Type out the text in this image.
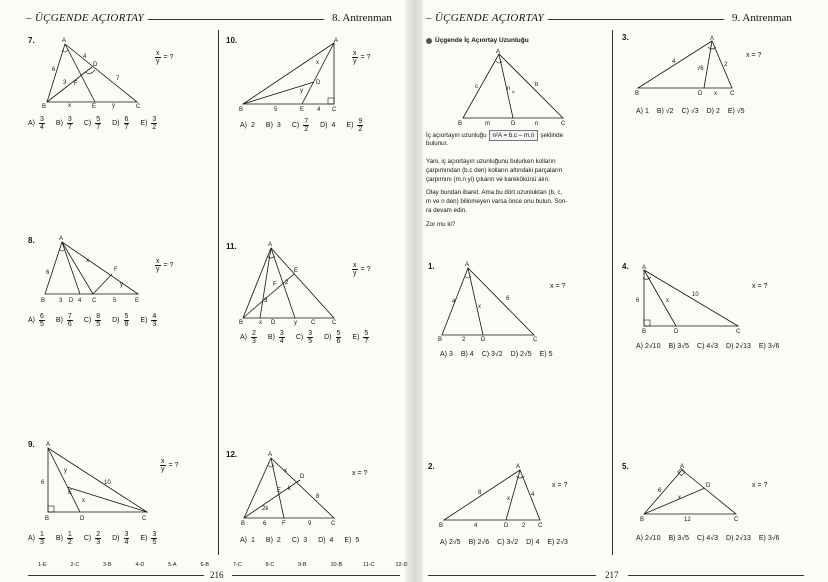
– ÜÇGENDE AÇIORTAY	8. Antrenman
7.	A
B	E	C
D
F
6
4
7
3
x	y
$\frac{x}{y}$ = ?
$A) \frac{3}{4} B) \frac{3}{7} C) \frac{5}{7} D) \frac{6}{7} E) \frac{3}{2}$
8.	A
B 3 D 4 C	5	E
6
x
F
y
$\frac{x}{y}$ = ?
$A) \frac{6}{5} B) \frac{7}{6} C) \frac{8}{5} D) \frac{5}{8} E) \frac{4}{3}$
9. A
B	D	C
E
6
y
10
x
$\frac{x}{y}$ = ?
$A) \frac{1}{3} B) \frac{1}{2} C) \frac{2}{3} D) \frac{3}{4} E) \frac{3}{5}$
10.	A
B	E	C
D
5	4
x
y
$\frac{x}{y}$ = ?
A) 2 B) 3 $C) \frac{7}{2} D$) 4 $E) \frac{9}{2}$
11.	A
B	x D	y C	C
E
F 2
3
$\frac{x}{y}$ = ?
$A) \frac{2}{3} B) \frac{3}{4} C) \frac{3}{5} D) \frac{5}{6} E) \frac{5}{7}$
12.	A
B	6	F	9	C
E k
D
x
8
2k
x = ?
A) 1 B) 2 C) 3 D) 4 E) 5
1-E	2-C	3-B	4-D	5-A	6-B	7-C	8-C	9-B	10-B	11-C	12-D
216
– ÜÇGENDE AÇIORTAY	9. Antrenman
Üçgende İç Açıortay Uzunluğu
A
B	m	D	n	C
c	b
n A
İç açıortayın uzunluğu n²A = b.c – m.n şeklinde
bulunur.
Yani, iç açıortayın uzunluğunu bulurken kolların
çarpımından (b.c den) kolların altındaki parçaların
çarpımını (m.n yi) çıkarın ve karekökünü alın.
Olay bundan ibaret. Ama bu dört uzunluktan (b, c,
m ve n den) bilinmeyen varsa önce onu bulun. Son-
ra devam edin.
Zor mu ki?
1.	A
B	2	D	C
4	6
x
x = ?
A) 3 B) 4 C) 3√2 D) 2√5 E) 5
2.	A
B	4	D 2 C
8
x
4
x = ?
A) 2√5 B) 2√6 C) 3√2 D) 4 E) 2√3
3.	A
B	D x C
4
√6
2
x = ?
A) 1 B) √2 C) √3 D) 2 E) √5
4. A
B	D	C
6	x
10
x = ?
A) 2√10 B) 3√5 C) 4√3 D) 2√13 E) 3√6
5.	A
B	C
D
6
12
x
x = ?
A) 2√10 B) 3√5 C) 4√3 D) 2√13 E) 3√6
217
